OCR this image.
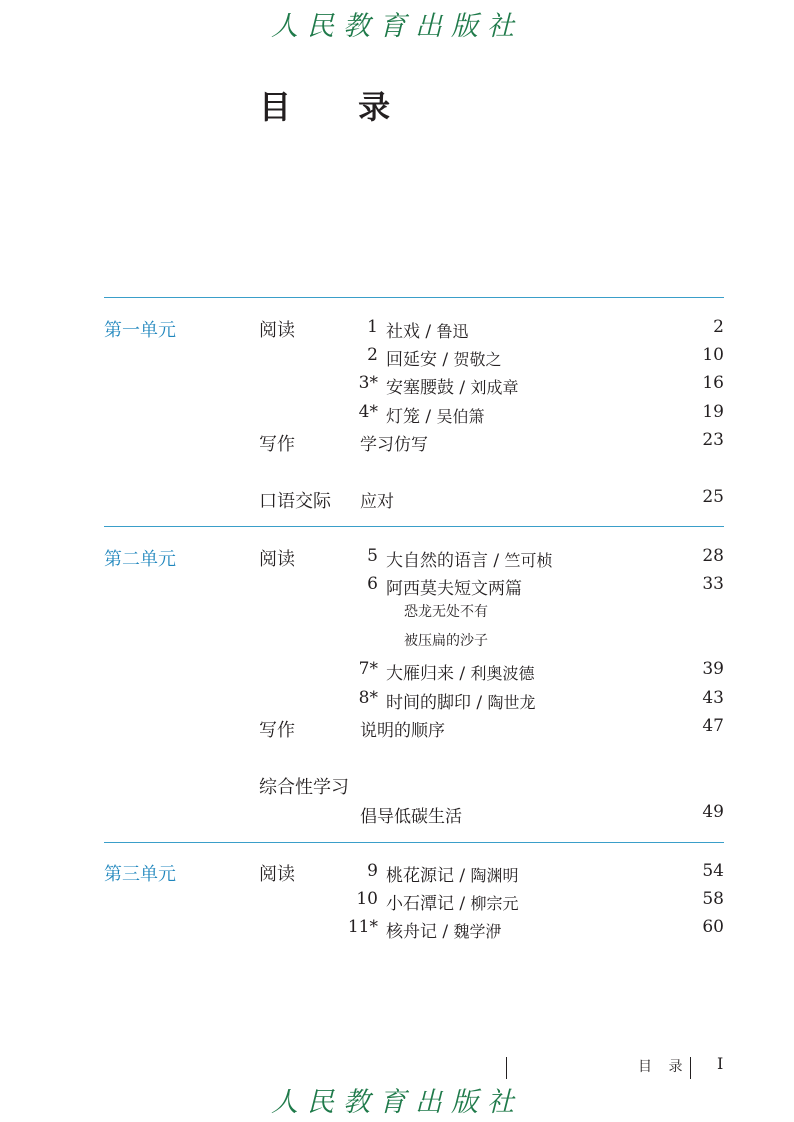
人民教育出版社
目 录
第一单元	阅读	1 社戏 / 鲁迅	2
2 回延安 / 贺敬之	10
3* 安塞腰鼓 / 刘成章	16
4* 灯笼 / 吴伯箫	19
写作	学习仿写	23
口语交际 应对	25
第二单元	阅读	5 大自然的语言 / 竺可桢	28
6 阿西莫夫短文两篇	33
恐龙无处不有
被压扁的沙子
7* 大雁归来 / 利奥波德	39
8* 时间的脚印 / 陶世龙	43
写作	说明的顺序	47
综合性学习
倡导低碳生活	49
第三单元	阅读	9 桃花源记 / 陶渊明	54
10 小石潭记 / 柳宗元	58
11* 核舟记 / 魏学洢	60
目 录 I
人民教育出版社
